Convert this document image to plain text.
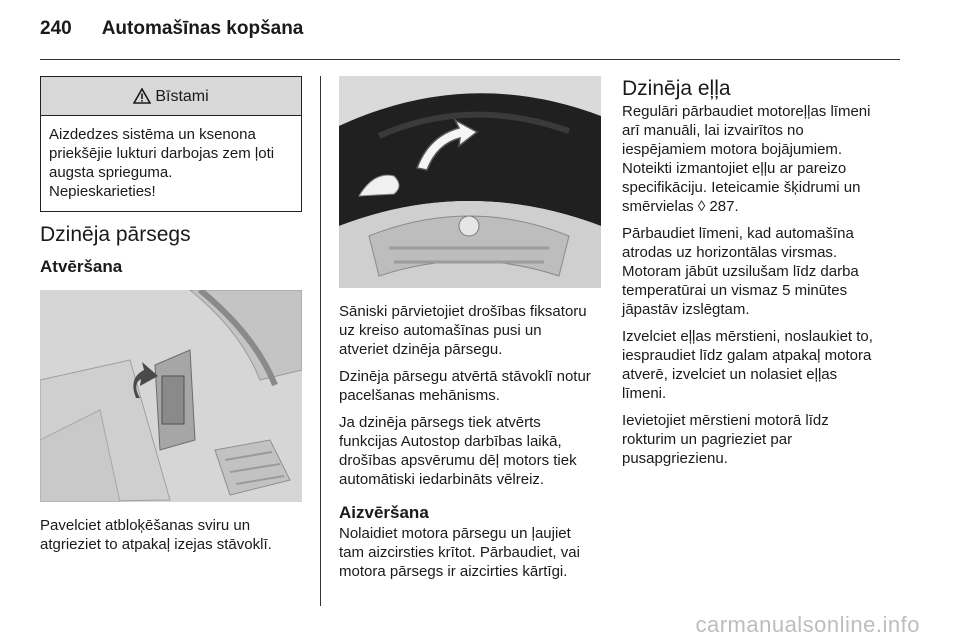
240 Automašīnas kopšana
Bīstami
Aizdedzes sistēma un ksenona
priekšējie lukturi darbojas zem ļoti
augsta sprieguma.
Nepieskarieties!
Dzinēja pārsegs
Atvēršana
Pavelciet atbloķēšanas sviru un
atgrieziet to atpakaļ izejas stāvoklī.

Sāniski pārvietojiet drošības fiksatoru
uz kreiso automašīnas pusi un
atveriet dzinēja pārsegu.

Dzinēja pārsegu atvērtā stāvoklī notur
pacelšanas mehānisms.

Ja dzinēja pārsegs tiek atvērts
funkcijas Autostop darbības laikā,
drošības apsvērumu dēļ motors tiek
automātiski iedarbināts vēlreiz.

Aizvēršana

Nolaidiet motora pārsegu un ļaujiet
tam aizcirsties krītot. Pārbaudiet, vai
motora pārsegs ir aizcirties kārtīgi.

Dzinēja eļļa

Regulāri pārbaudiet motoreļļas līmeni
arī manuāli, lai izvairītos no
iespējamiem motora bojājumiem.
Noteikti izmantojiet eļļu ar pareizo
specifikāciju. Ieteicamie šķidrumi un
smērvielas ◊ 287.

Pārbaudiet līmeni, kad automašīna
atrodas uz horizontālas virsmas.
Motoram jābūt uzsilušam līdz darba
temperatūrai un vismaz 5 minūtes
jāpastāv izslēgtam.

Izvelciet eļļas mērstieni, noslaukiet to,
iespraudiet līdz galam atpakaļ motora
atverē, izvelciet un nolasiet eļļas
līmeni.

Ievietojiet mērstieni motorā līdz
rokturim un pagrieziet par
pusapgriezienu.

carmanualsonline.info
